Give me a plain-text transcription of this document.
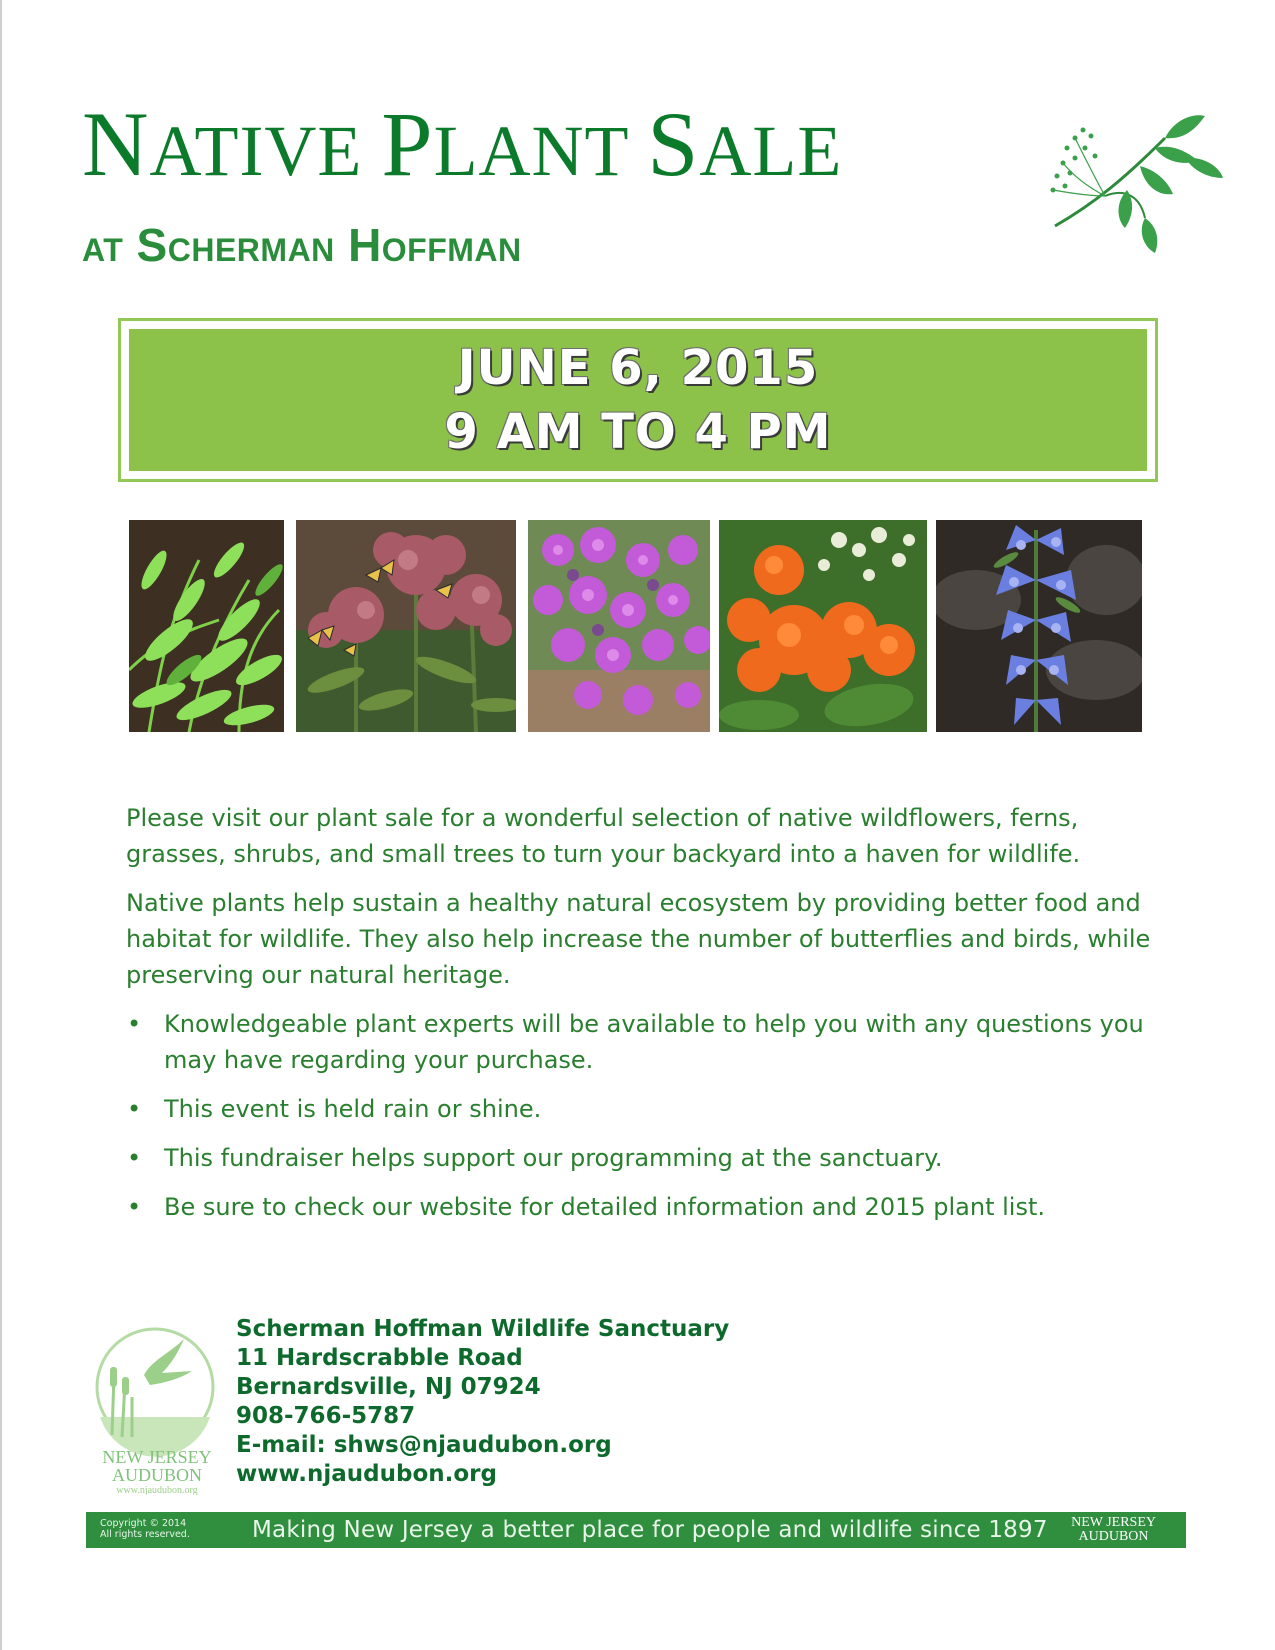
NATIVE PLANT SALE
at Scherman Hoffman
JUNE 6, 2015
9 AM TO 4 PM

Please visit our plant sale for a wonderful selection of native wildflowers, ferns, grasses, shrubs, and small trees to turn your backyard into a haven for wildlife.

Native plants help sustain a healthy natural ecosystem by providing better food and habitat for wildlife. They also help increase the number of butterflies and birds, while preserving our natural heritage.

• Knowledgeable plant experts will be available to help you with any questions you may have regarding your purchase.
• This event is held rain or shine.
• This fundraiser helps support our programming at the sanctuary.
• Be sure to check our website for detailed information and 2015 plant list.
NEW JERSEY
AUDUBON
www.njaudubon.org
Scherman Hoffman Wildlife Sanctuary
11 Hardscrabble Road
Bernardsville, NJ 07924
908-766-5787
E-mail: shws@njaudubon.org
www.njaudubon.org
Copyright © 2014
All rights reserved.	Making New Jersey a better place for people and wildlife since 1897 NEW JERSEY
AUDUBON
